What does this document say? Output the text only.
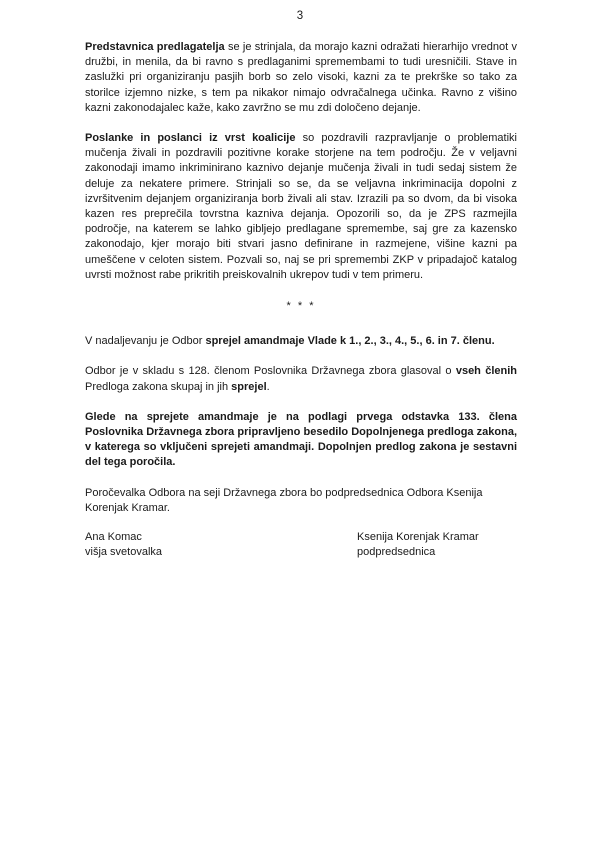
3

Predstavnica predlagatelja se je strinjala, da morajo kazni odražati hierarhijo vrednot v družbi, in menila, da bi ravno s predlaganimi spremembami to tudi uresničili. Stave in zaslužki pri organiziranju pasjih borb so zelo visoki, kazni za te prekrške so tako za storilce izjemno nizke, s tem pa nikakor nimajo odvračalnega učinka. Ravno z višino kazni zakonodajalec kaže, kako zavržno se mu zdi določeno dejanje.

Poslanke in poslanci iz vrst koalicije so pozdravili razpravljanje o problematiki mučenja živali in pozdravili pozitivne korake storjene na tem področju. Že v veljavni zakonodaji imamo inkriminirano kaznivo dejanje mučenja živali in tudi sedaj sistem že deluje za nekatere primere. Strinjali so se, da se veljavna inkriminacija dopolni z izvršitvenim dejanjem organiziranja borb živali ali stav. Izrazili pa so dvom, da bi visoka kazen res preprečila tovrstna kazniva dejanja. Opozorili so, da je ZPS razmejila področje, na katerem se lahko gibljejo predlagane spremembe, saj gre za kazensko zakonodajo, kjer morajo biti stvari jasno definirane in razmejene, višine kazni pa umeščene v celoten sistem. Pozvali so, naj se pri spremembi ZKP v pripadajoč katalog uvrsti možnost rabe prikritih preiskovalnih ukrepov tudi v tem primeru.

* * *

V nadaljevanju je Odbor sprejel amandmaje Vlade k 1., 2., 3., 4., 5., 6. in 7. členu.

Odbor je v skladu s 128. členom Poslovnika Državnega zbora glasoval o vseh členih Predloga zakona skupaj in jih sprejel.

Glede na sprejete amandmaje je na podlagi prvega odstavka 133. člena Poslovnika Državnega zbora pripravljeno besedilo Dopolnjenega predloga zakona, v katerega so vključeni sprejeti amandmaji. Dopolnjen predlog zakona je sestavni del tega poročila.

Poročevalka Odbora na seji Državnega zbora bo podpredsednica Odbora Ksenija Korenjak Kramar.

Ana Komac
višja svetovalka
Ksenija Korenjak Kramar
podpredsednica
